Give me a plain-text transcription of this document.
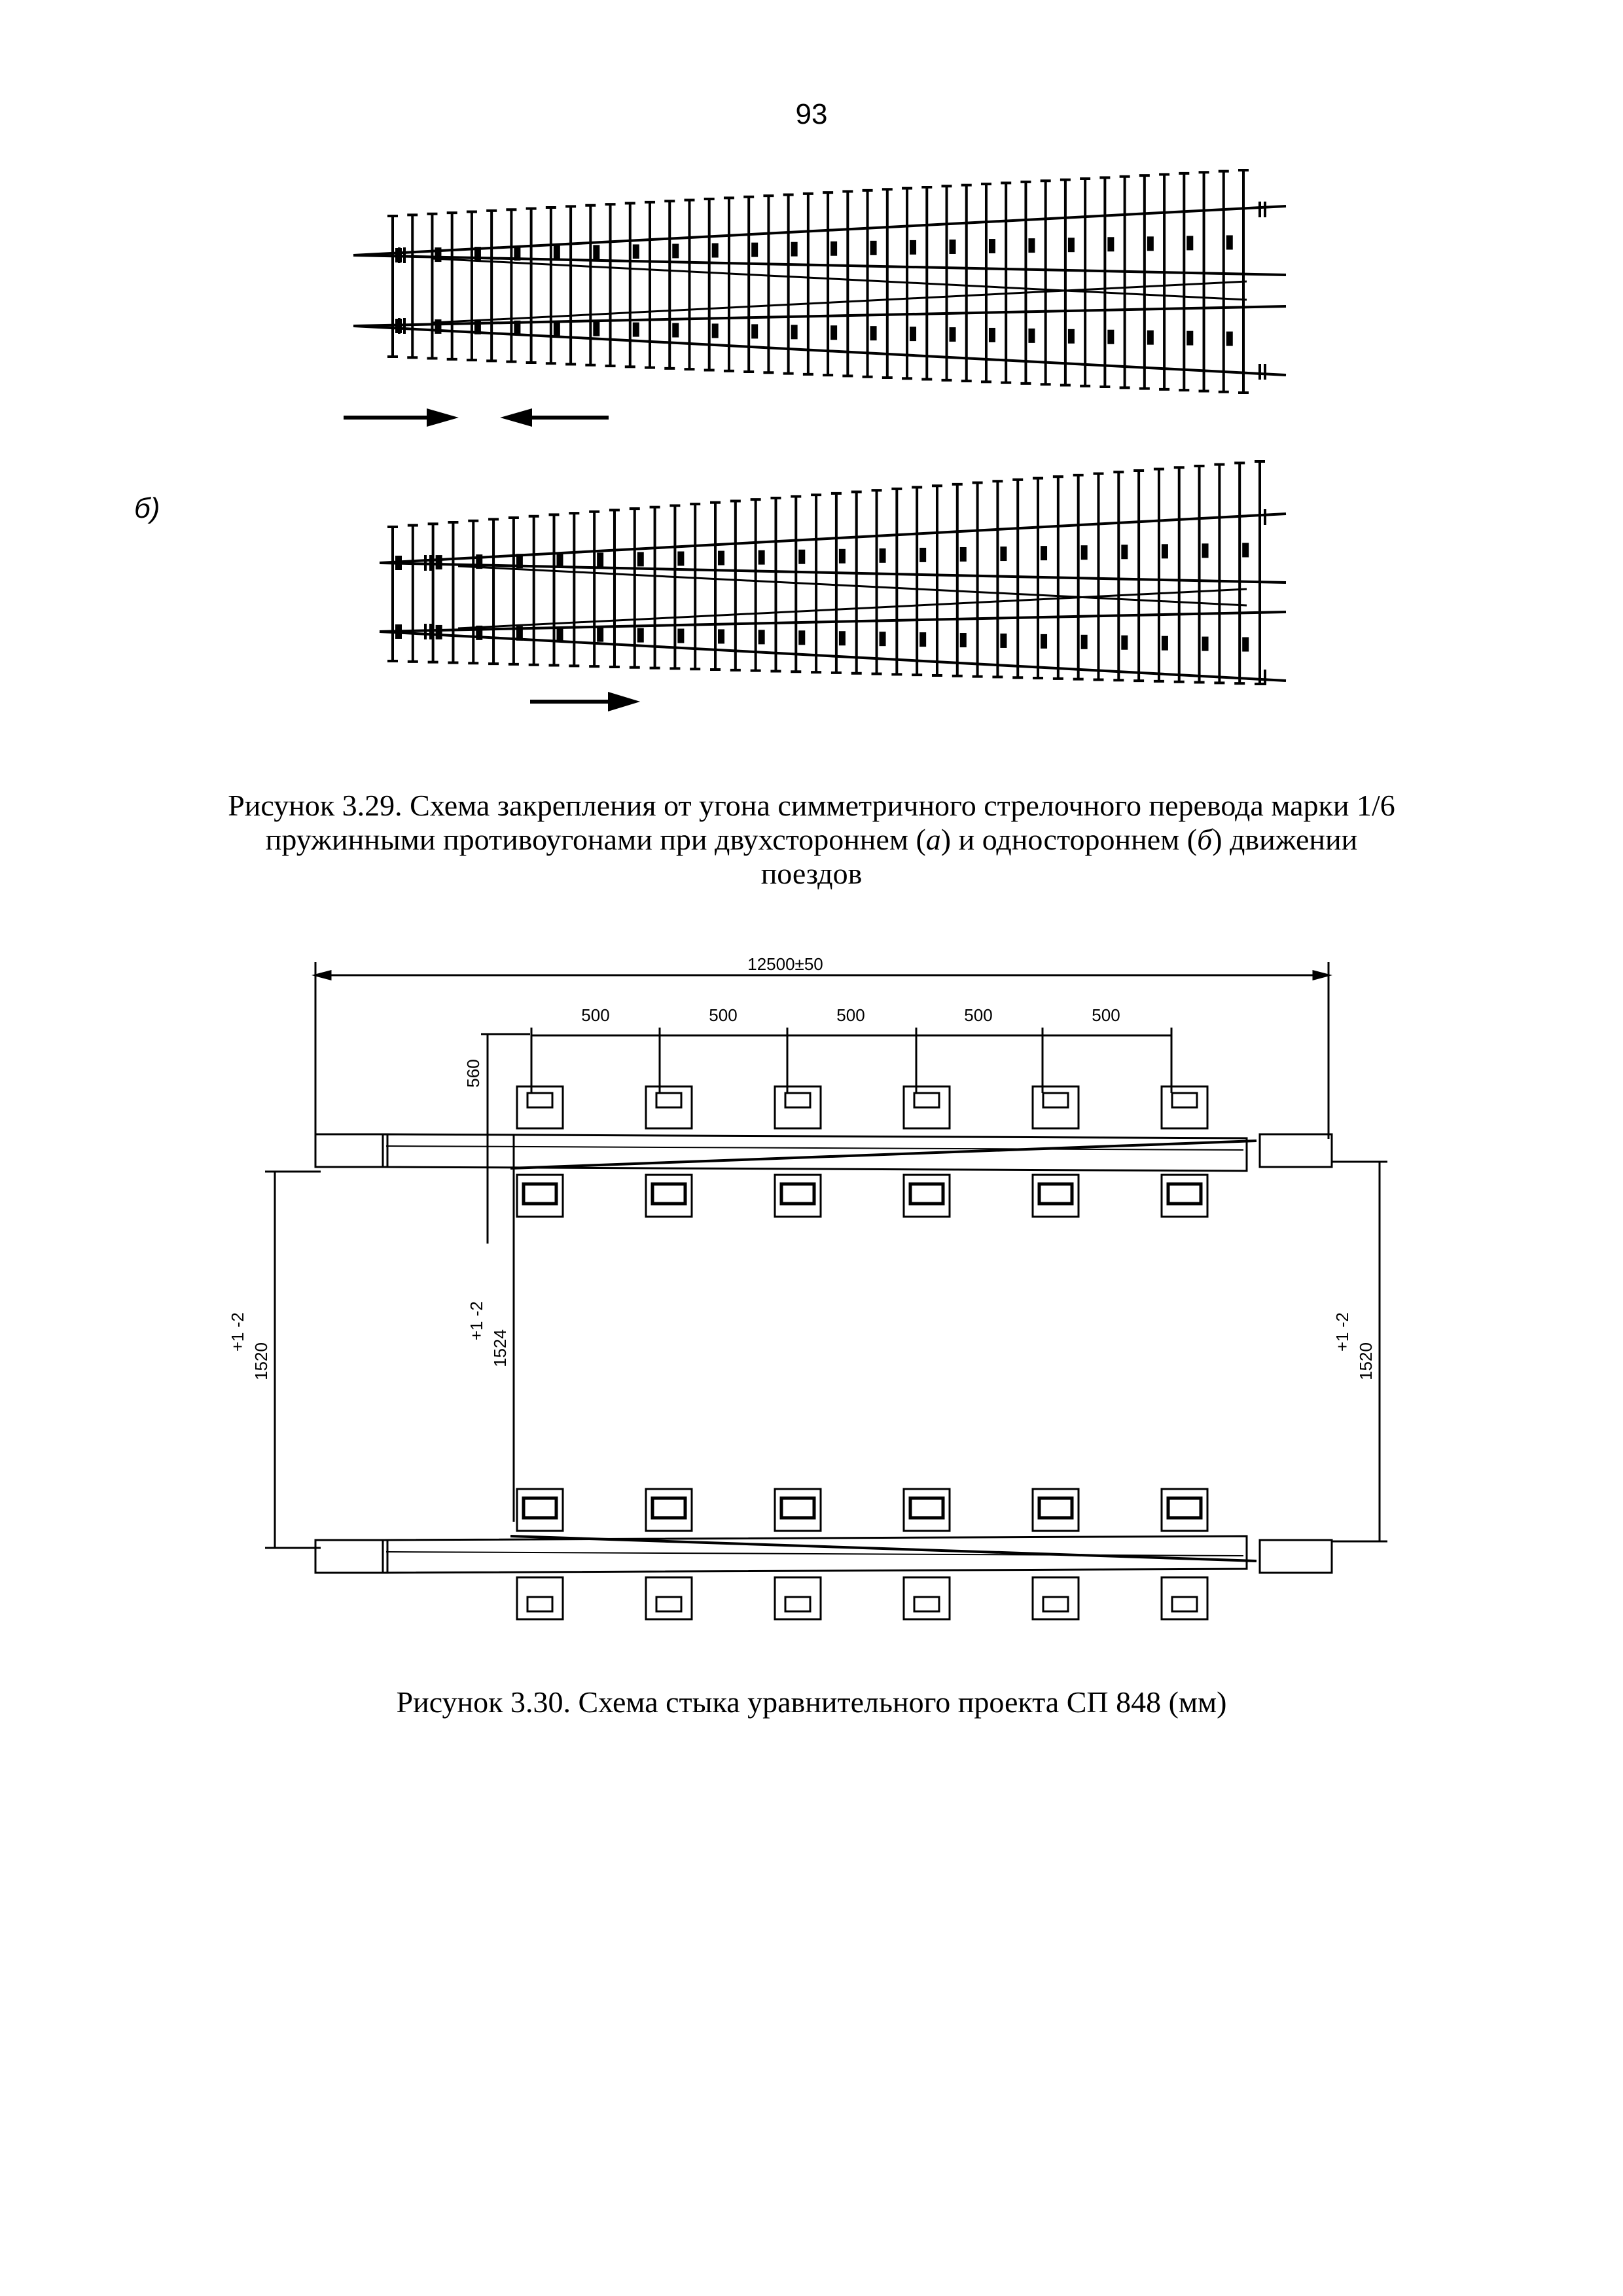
93
б)
Рисунок 3.29. Схема закрепления от угона симметричного стрелочного перевода марки 1/6
пружинными противоугонами при двухстороннем (а) и одностороннем (б) движении
поездов
12500±50
500	500	500	500	500
560
1520
+1 -2	1524
+1 -2
1520
+1 -2
Рисунок 3.30. Схема стыка уравнительного проекта СП 848 (мм)
